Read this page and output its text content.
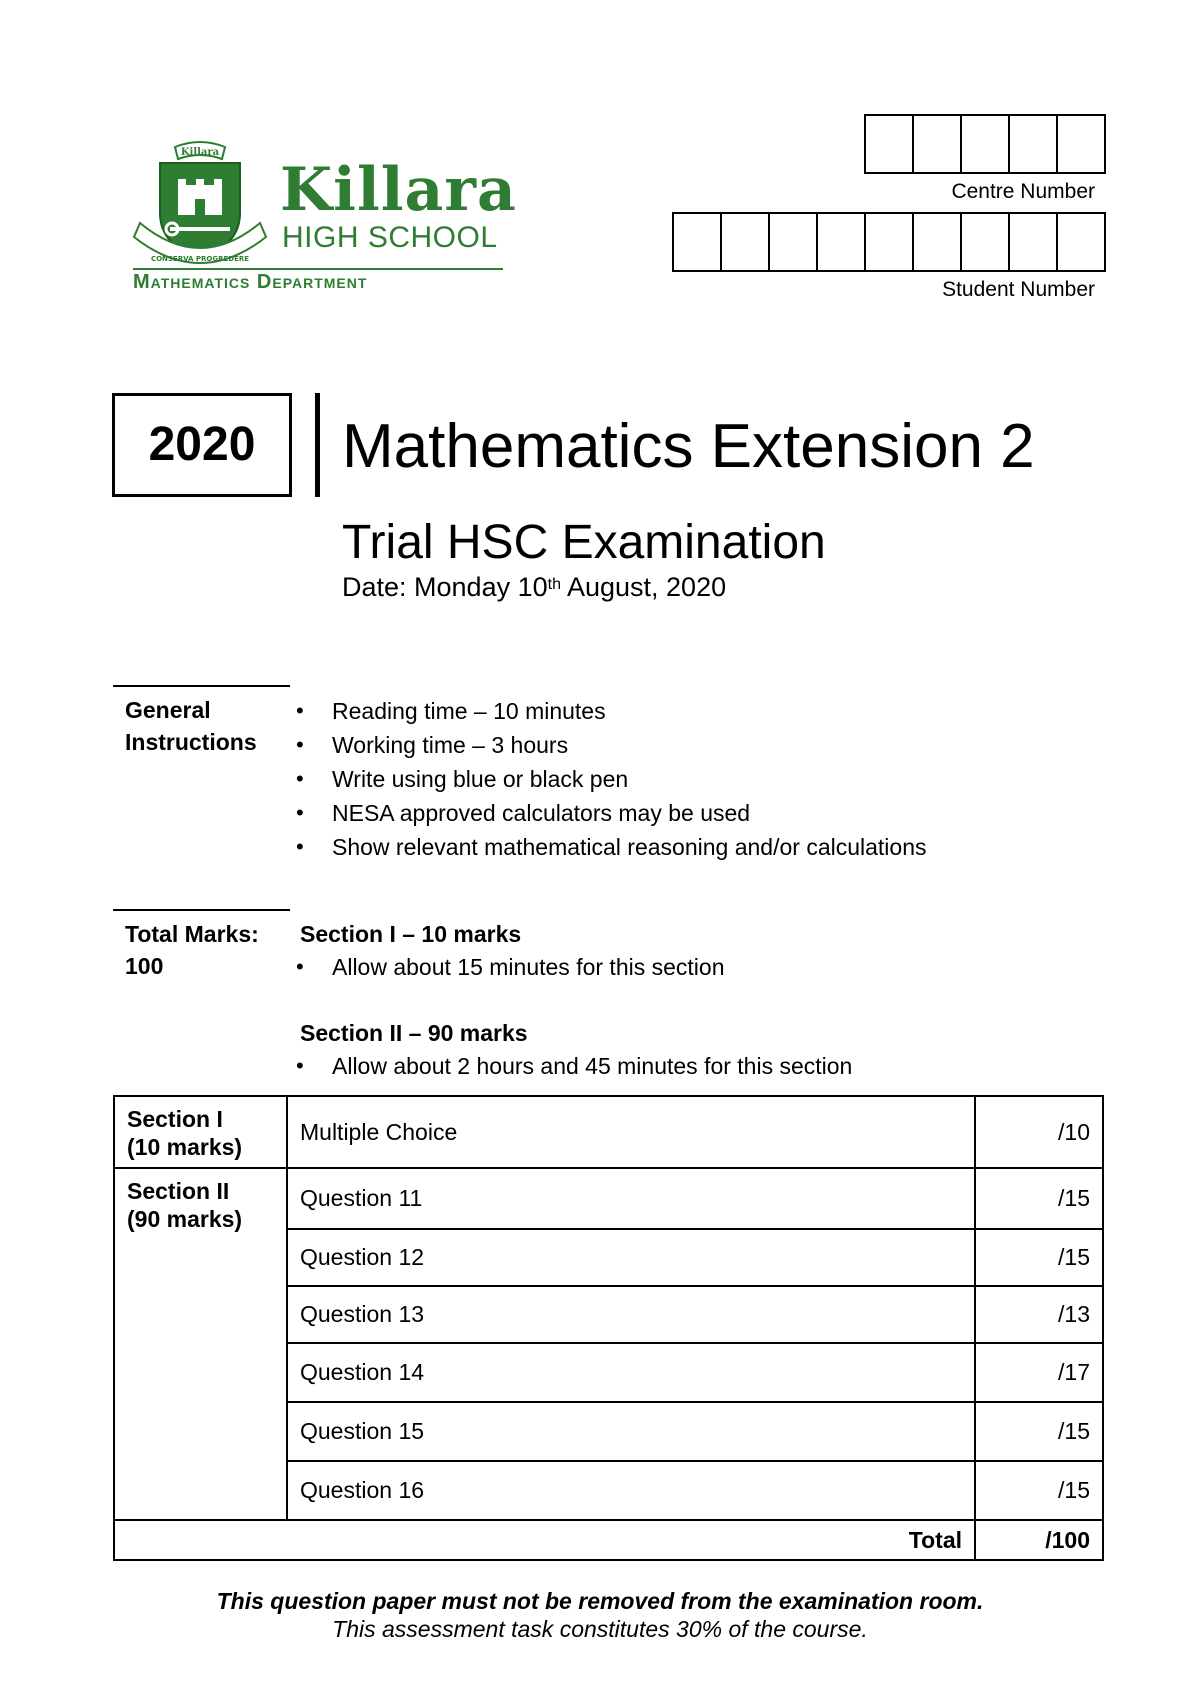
Killara
CONSERVA PROGREDERE
Killara
HIGH SCHOOL
Mathematics Department
Centre Number
Student Number
2020	Mathematics Extension 2
Trial HSC Examination
Date: Monday 10th August, 2020
General
Instructions
• Reading time – 10 minutes
• Working time – 3 hours
• Write using blue or black pen
• NESA approved calculators may be used
• Show relevant mathematical reasoning and/or calculations
Total Marks:
100
Section I – 10 marks
• Allow about 15 minutes for this section
Section II – 90 marks
• Allow about 2 hours and 45 minutes for this section
Section I
(10 marks)	Multiple Choice	/10

Section II
(90 marks)	Question 11	/15
	Question 12	/15
	Question 13	/13
	Question 14	/17
	Question 15	/15
	Question 16	/15
Total		/100
This question paper must not be removed from the examination room.
This assessment task constitutes 30% of the course.
